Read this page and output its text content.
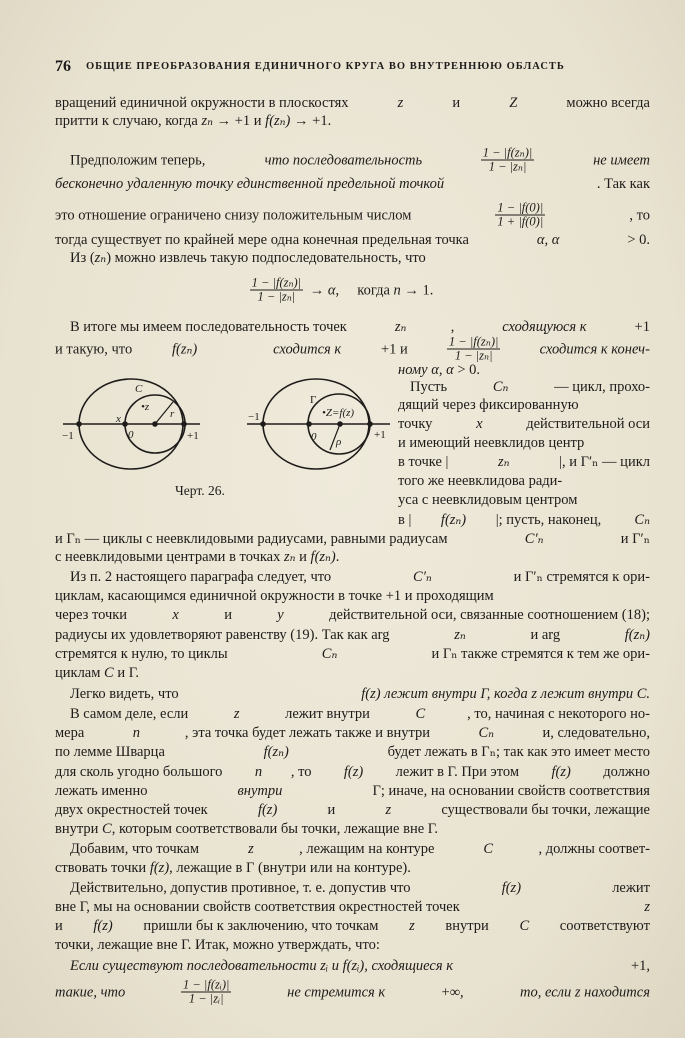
76 ОБЩИЕ ПРЕОБРАЗОВАНИЯ ЕДИНИЧНОГО КРУГА ВО ВНУТРЕННЮЮ ОБЛАСТЬ
вращений единичной окружности в плоскостях	z	и	Z	можно всегда
притти к случаю, когда zₙ → +1 и f(zₙ) → +1.
Предположим теперь,	что последовательность	$\frac{\text{1 − |f(zₙ)|}}{\text{1 − |zₙ|}}$	не имеет
бесконечно удаленную точку единственной предельной точкой	. Так как
это отношение ограничено снизу положительным числом	$\frac{1 - |f(0)|}{1 + |f(0)|}$	, то
тогда существует по крайней мере одна конечная предельная точка	α, α	> 0.
Из ( zₙ ) можно извлечь такую подпоследовательность, что
$\frac{\text{1 − |f(zₙ)|}}{\text{1 − |zₙ|}} \to \alpha$ ,     когда n → 1.
В итоге мы имеем последовательность точек	zₙ	,	сходящуюся к	+1
и такую, что f(zₙ)
	сходится к +1 и	$\frac{\text{1 − |f(zₙ)|}}{\text{1 − |zₙ|}}$	сходится к конеч-
ному α, α > 0.
Пусть	Cₙ	— цикл, прохо-
дящий через фиксированную
точку	x	действительной оси
и имеющий неевклидов центр
в точке |	zₙ	|, и Γ′ₙ — цикл
того же неевклидова ради-
уса с неевклидовым центром
в | f(zₙ) |; пусть, наконец, Cₙ
и Γₙ — циклы с неевклидовыми радиусами, равными радиусам	C′ₙ	и Γ′ₙ
с неевклидовыми центрами в точках zₙ и f(zₙ) .
Из п. 2 настоящего параграфа следует, что	C′ₙ	и Γ′ₙ стремятся к ори-
циклам, касающимся единичной окружности в точке +1 и проходящим
через точки	x	и	y	действительной оси, связанные соотношением (18);
радиусы их удовлетворяют равенству (19). Так как arg	zₙ	и arg	f(zₙ)
стремятся к нулю, то циклы	Cₙ	и Γₙ также стремятся к тем же ори-
циклам C и Γ.
Легко видеть, что	f(z) лежит внутри Γ, когда z лежит внутри C.
В самом деле, если	z	лежит внутри	C	, то, начиная с некоторого но-
мера	n	, эта точка будет лежать также и внутри	Cₙ	и, следовательно,
по лемме Шварца	f(zₙ)	будет лежать в Γₙ; так как это имеет место
для сколь угодно большого n , то f(z) лежит в Γ. При этом f(z) должно
лежать именно	внутри	Γ; иначе, на основании свойств соответствия
двух окрестностей точек	f(z)	и	z	существовали бы точки, лежащие
внутри C , которым соответствовали бы точки, лежащие вне Γ.
Добавим, что точкам	z	, лежащим на контуре	C	, должны соответ-
ствовать точки f(z) , лежащие в Γ (внутри или на контуре).
Действительно, допустив противное, т. е. допустив что	f(z)	лежит
вне Γ, мы на основании свойств соответствия окрестностей точек	z
и f(z) пришли бы к заключению, что точкам z внутри C соответствуют
точки, лежащие вне Γ. Итак, можно утверждать, что:
Если существуют последовательности zᵢ и f(zᵢ), сходящиеся к	+1,
такие, что	$\frac{\text{1 − |f(zᵢ)|}}{\text{1 − |zᵢ|}}$	не стремится к	+∞,	то, если z находится
C
•z
x	r
0
−1	+1
Γ
•Z=f(z)
0 ρ
−1
+1
Черт. 26.
